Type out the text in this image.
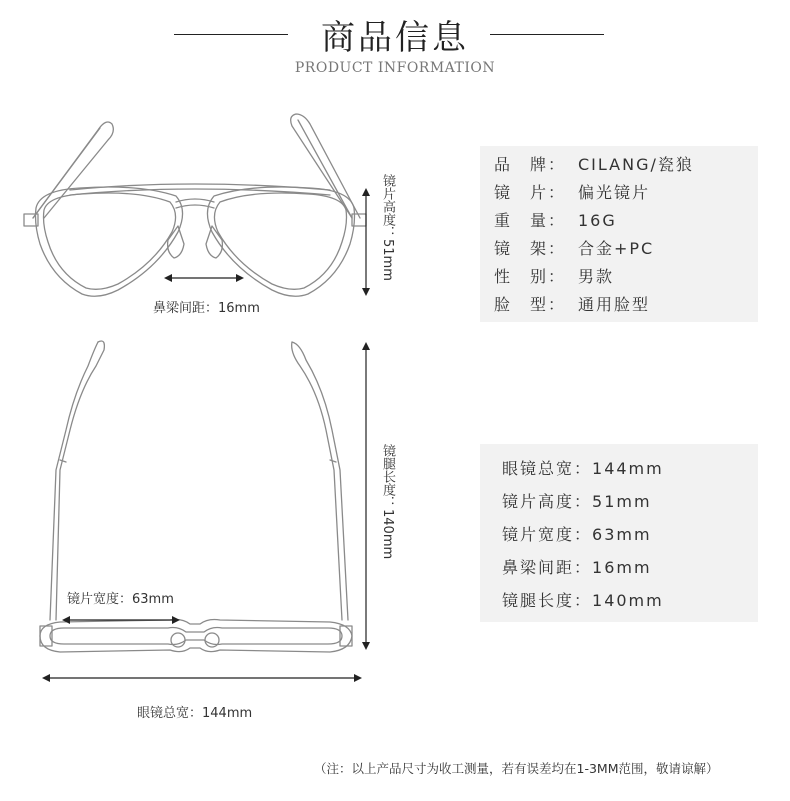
商品信息
PRODUCT INFORMATION
鼻梁间距：16mm
镜片高度：51mm
镜腿长度：140mm
镜片宽度：63mm
眼镜总宽：144mm
品　牌： CILANG/瓷狼
镜　片： 偏光镜片
重　量： 16G
镜　架： 合金+PC
性　别： 男款
脸　型： 通用脸型
眼镜总宽：144mm
镜片高度：51mm
镜片宽度：63mm
鼻梁间距：16mm
镜腿长度：140mm
（注：以上产品尺寸为收工测量，若有误差均在1-3MM范围，敬请谅解）
